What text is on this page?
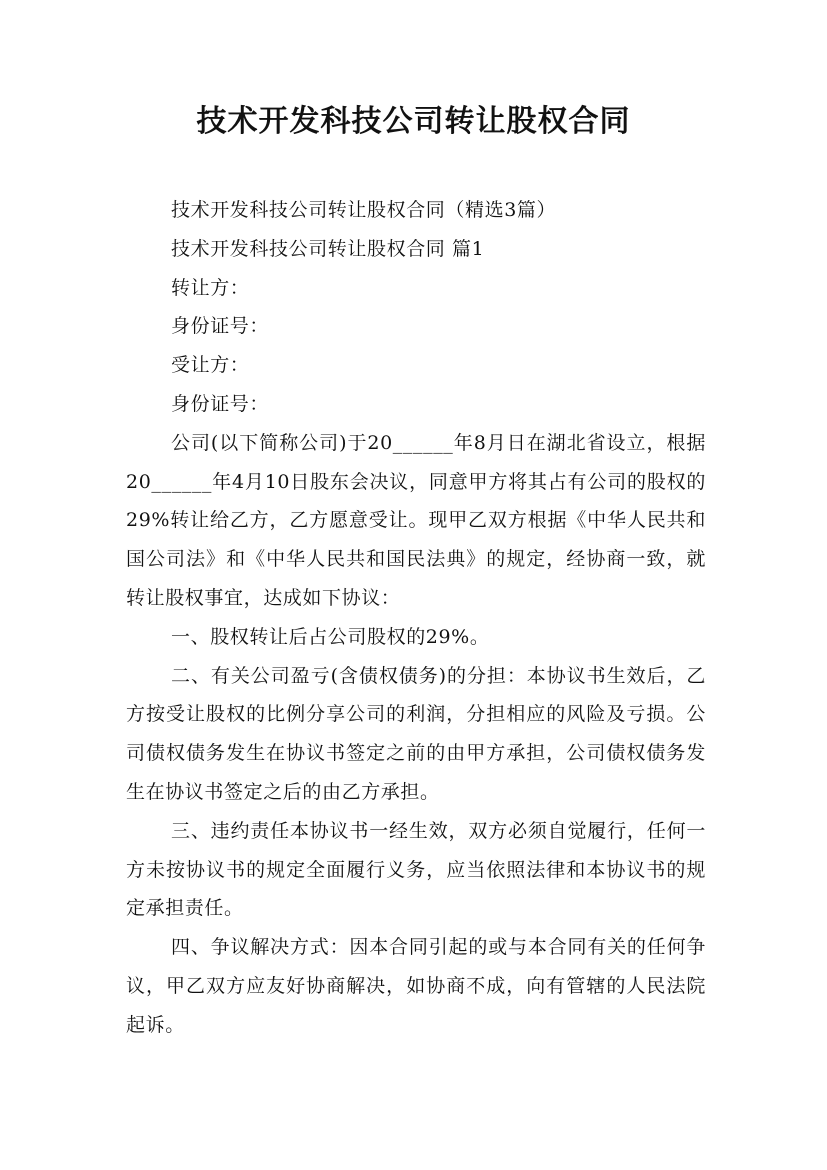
技术开发科技公司转让股权合同
技术开发科技公司转让股权合同（精选3篇）
技术开发科技公司转让股权合同 篇1
转让方：
身份证号：
受让方：
身份证号：
公司(以下简称公司)于20______年8月日在湖北省设立，根据20______年4月10日股东会决议，同意甲方将其占有公司的股权的29%转让给乙方，乙方愿意受让。现甲乙双方根据《中华人民共和国公司法》和《中华人民共和国民法典》的规定，经协商一致，就转让股权事宜，达成如下协议：
一、股权转让后占公司股权的29%。
二、有关公司盈亏(含债权债务)的分担：本协议书生效后，乙方按受让股权的比例分享公司的利润，分担相应的风险及亏损。公司债权债务发生在协议书签定之前的由甲方承担，公司债权债务发生在协议书签定之后的由乙方承担。
三、违约责任本协议书一经生效，双方必须自觉履行，任何一方未按协议书的规定全面履行义务，应当依照法律和本协议书的规定承担责任。
四、争议解决方式：因本合同引起的或与本合同有关的任何争议，甲乙双方应友好协商解决，如协商不成，向有管辖的人民法院起诉。
